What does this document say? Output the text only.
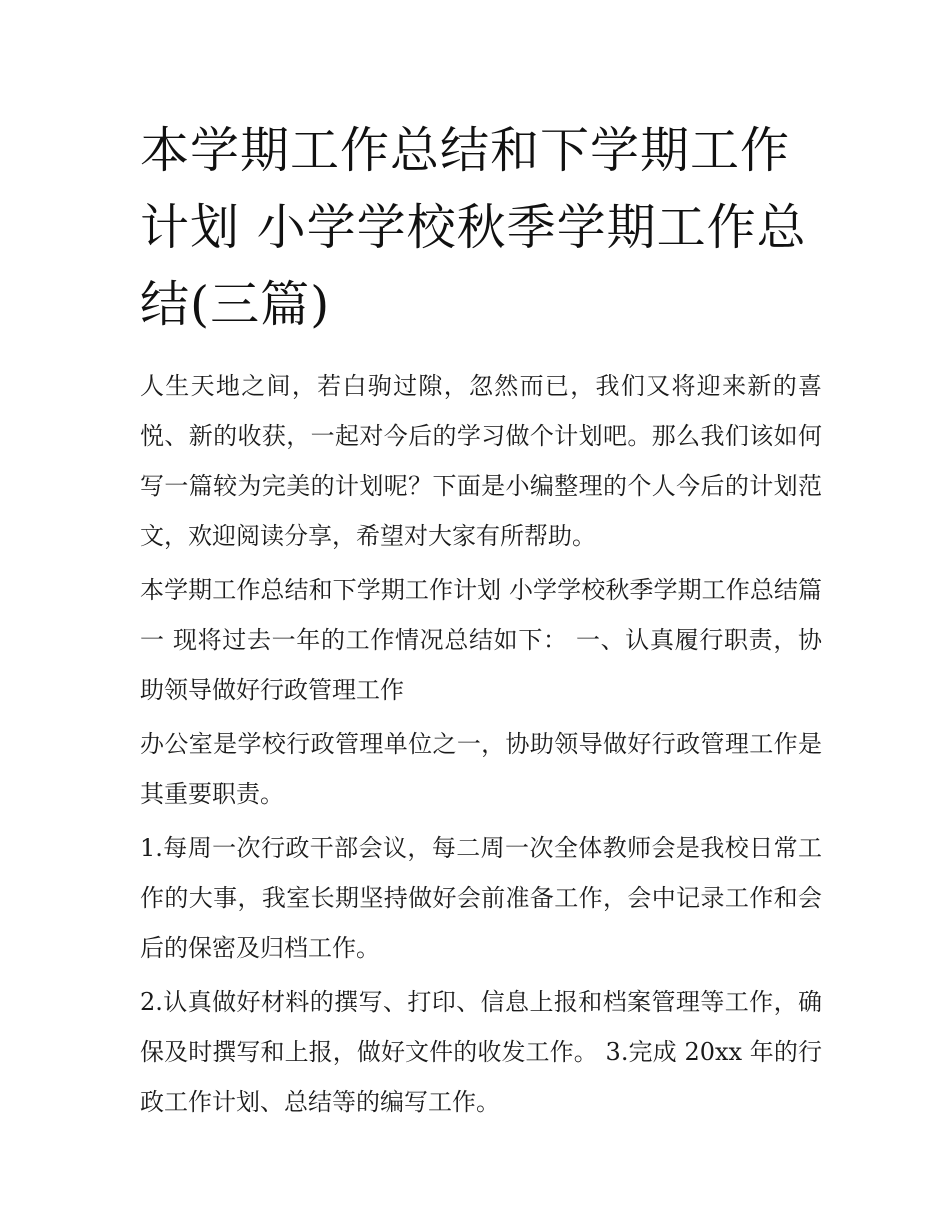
本学期工作总结和下学期工作计划 小学学校秋季学期工作总结(三篇)

人生天地之间，若白驹过隙，忽然而已，我们又将迎来新的喜悦、新的收获，一起对今后的学习做个计划吧。那么我们该如何写一篇较为完美的计划呢？下面是小编整理的个人今后的计划范文，欢迎阅读分享，希望对大家有所帮助。

本学期工作总结和下学期工作计划 小学学校秋季学期工作总结篇一 现将过去一年的工作情况总结如下： 一、认真履行职责，协助领导做好行政管理工作

办公室是学校行政管理单位之一，协助领导做好行政管理工作是其重要职责。

1.每周一次行政干部会议，每二周一次全体教师会是我校日常工作的大事，我室长期坚持做好会前准备工作，会中记录工作和会后的保密及归档工作。

2.认真做好材料的撰写、打印、信息上报和档案管理等工作，确保及时撰写和上报，做好文件的收发工作。 3.完成 20xx 年的行政工作计划、总结等的编写工作。
